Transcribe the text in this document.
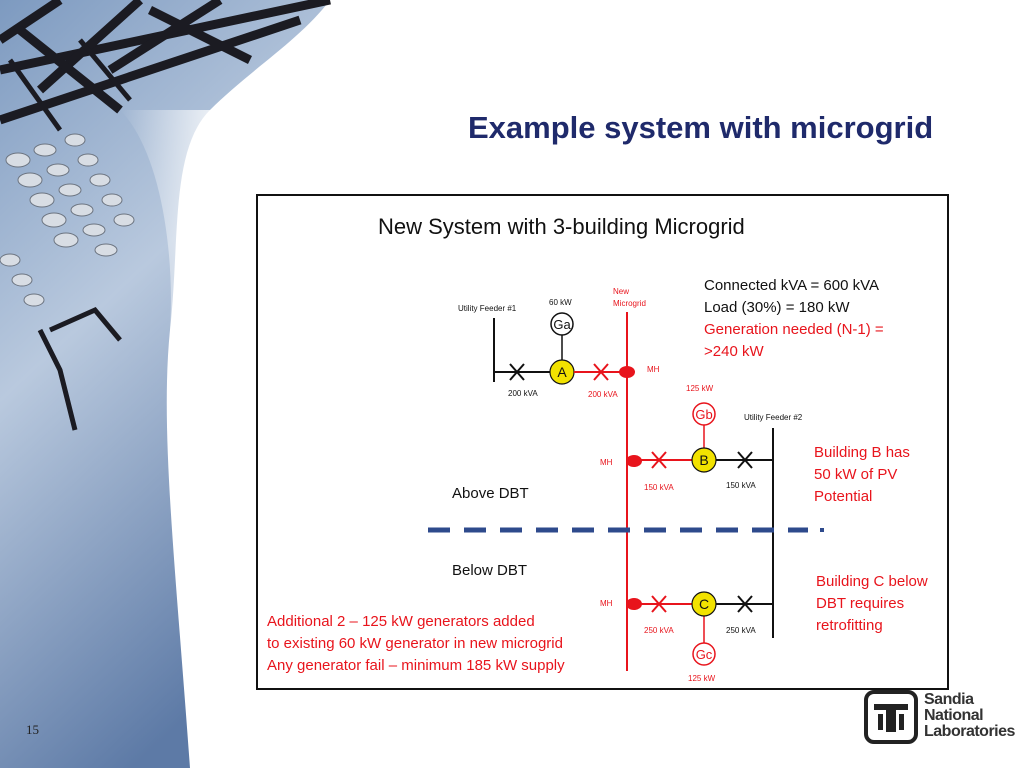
Example system with microgrid
New System with 3-building Microgrid
Connected kVA = 600 kVA
Load (30%) = 180 kW
Generation needed (N-1) =
>240 kW
Utility Feeder #1
200 kVA
60 kW
Ga
A
200 kVA
New
Microgrid
MH
125 kW
Gb	Utility Feeder #2
MH
150 kVA	150 kVA
B	Building B has
50 kW of PV
Potential
Above DBT
Below DBT
MH
250 kVA	250 kVA
C
Gc
125 kW
Building C below
DBT requires
retrofitting
Additional 2 – 125 kW generators added
to existing 60 kW generator in new microgrid
Any generator fail – minimum 185 kW supply
15
Sandia
National
Laboratories
